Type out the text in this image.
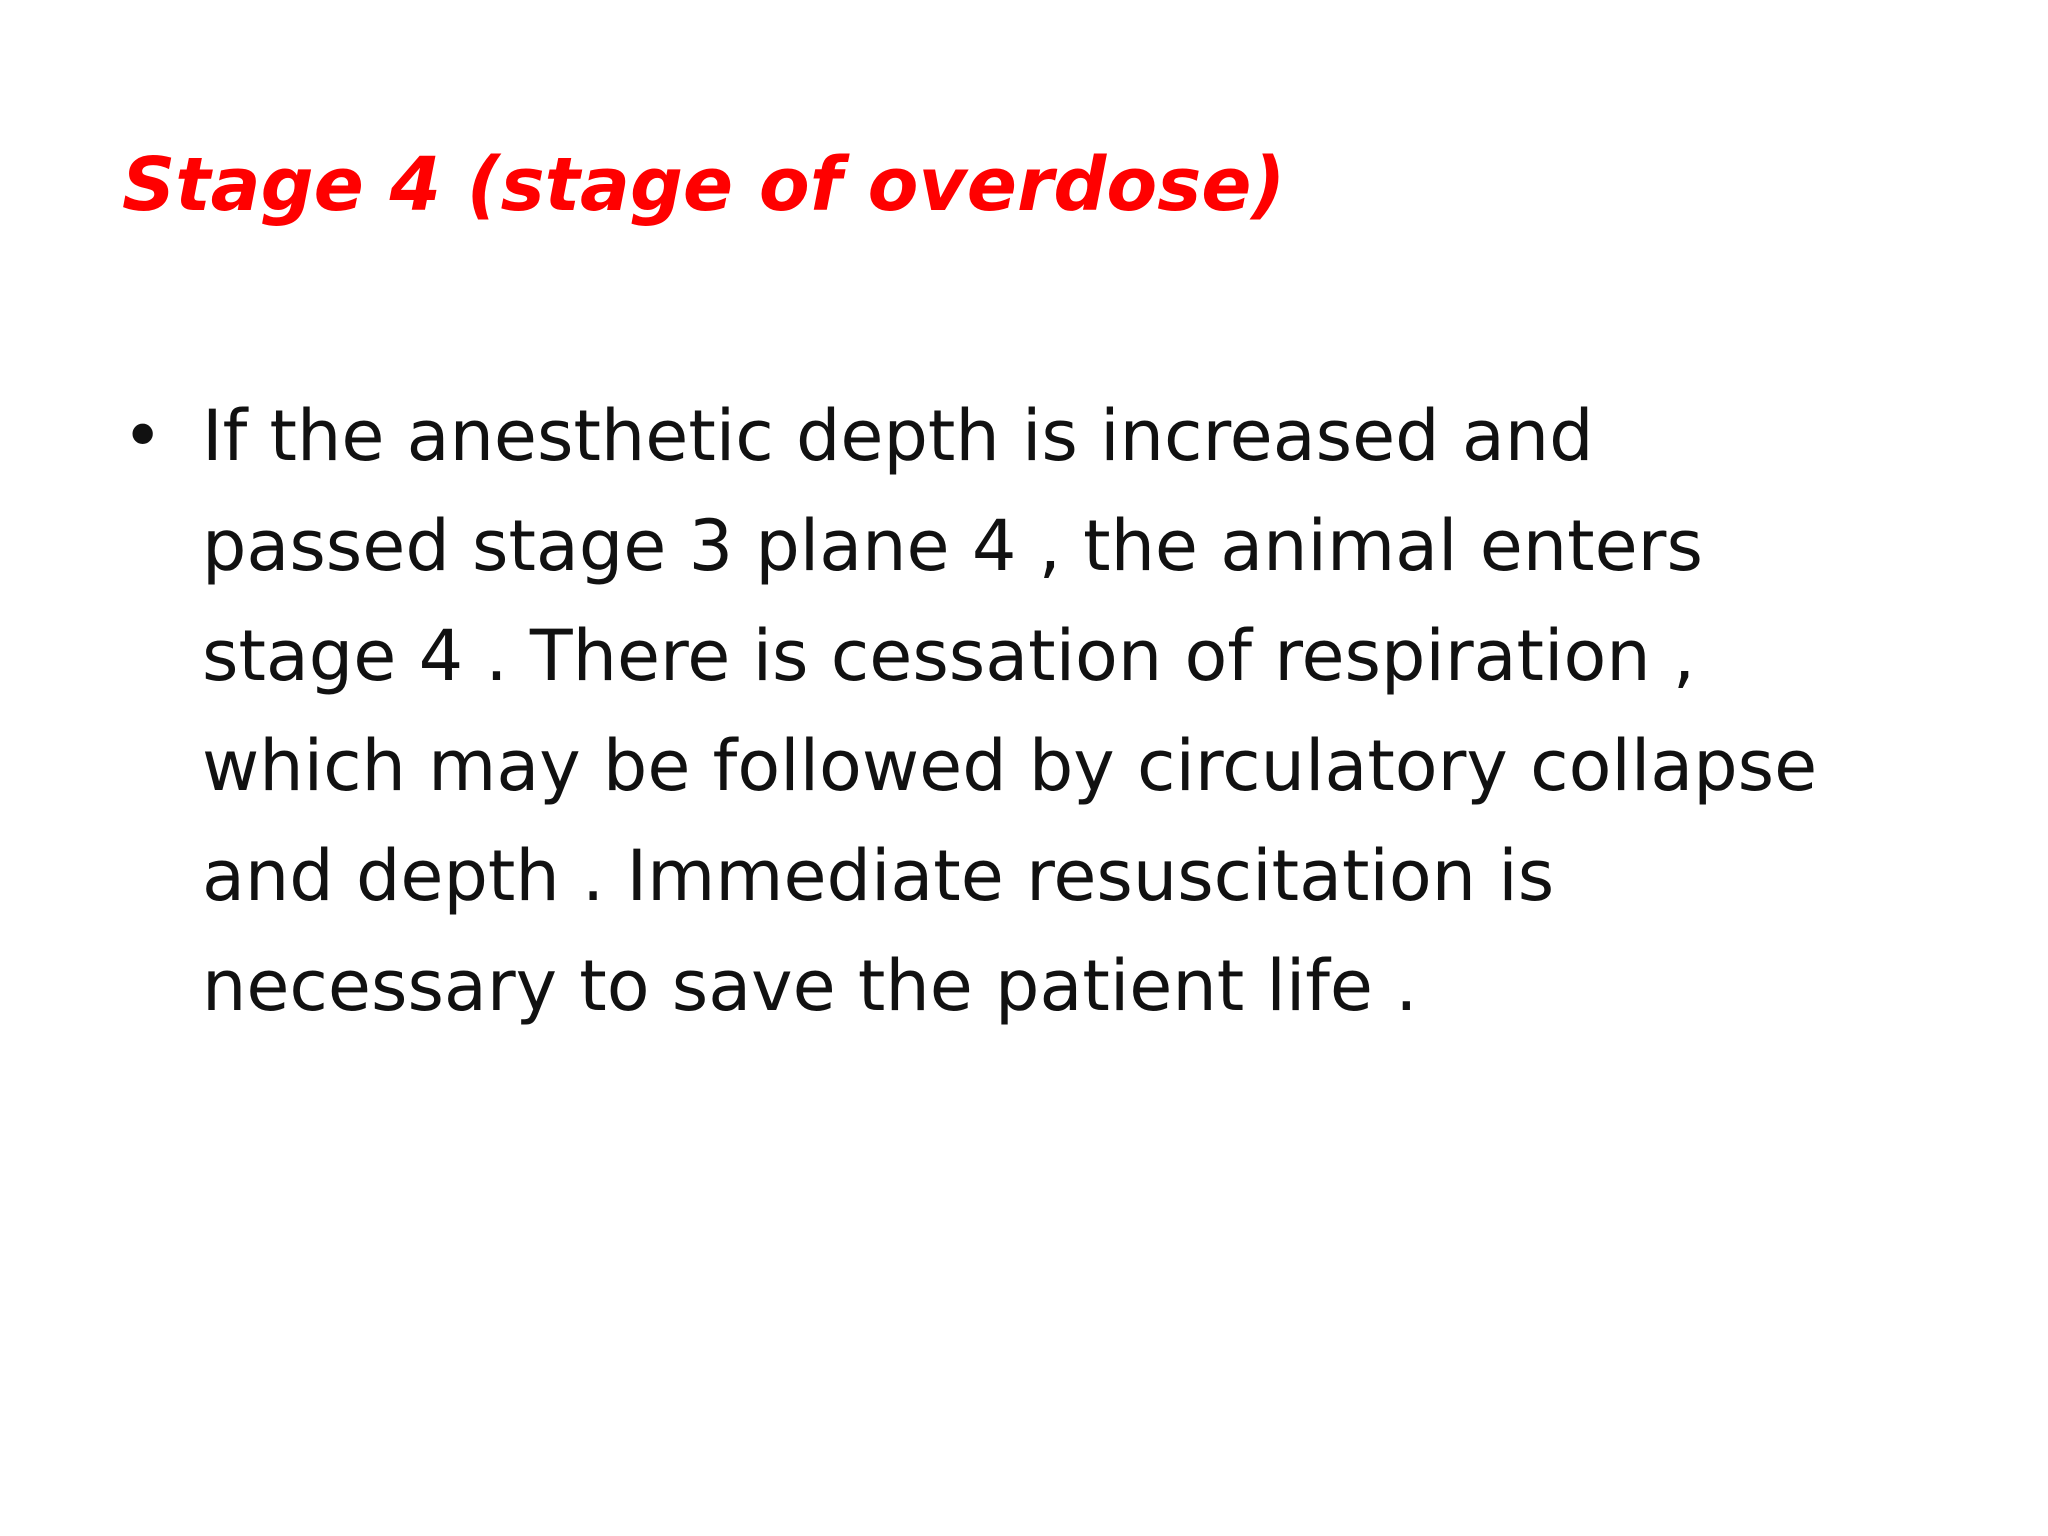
Stage 4 (stage of overdose)
• If the anesthetic depth is increased and
passed stage 3 plane 4 , the animal enters
stage 4 . There is cessation of respiration ,
which may be followed by circulatory collapse
and depth . Immediate resuscitation is
necessary to save the patient life .
